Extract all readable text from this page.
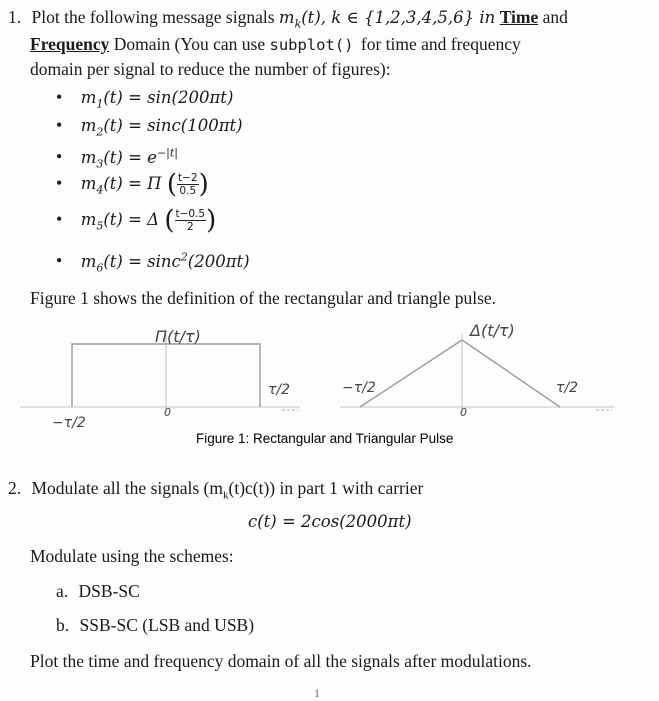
1. Plot the following message signals $m_k(t)$, k ∈ {1,2,3,4,5,6} in Time and
Frequency Domain (You can use subplot() for time and frequency
domain per signal to reduce the number of figures):
• $m_1(t) = \sin(200\pi t)$
• $m_2(t) = \sin c(100\pi t)$
• $m_3(t) = e^{-|t|}$
• $m_4(t) = \Pi$ ( $\frac{t-2}{0.5}$ )
• $m_5(t) = \Delta$ ( $\frac{t-0.5}{2}$ )
• $m_6(t) = \sin c^2(200\pi t)$
Figure 1 shows the definition of the rectangular and triangle pulse.
Π(t/τ)
−τ/2
0
τ/2
Δ(t/τ)
−τ/2
0
τ/2
Figure 1: Rectangular and Triangular Pulse
2. Modulate all the signals $(m_k(t)c(t))$ in part 1 with carrier
c(t) = 2cos(2000πt)
Modulate using the schemes:
a. DSB-SC
b. SSB-SC (LSB and USB)
Plot the time and frequency domain of all the signals after modulations.
1
